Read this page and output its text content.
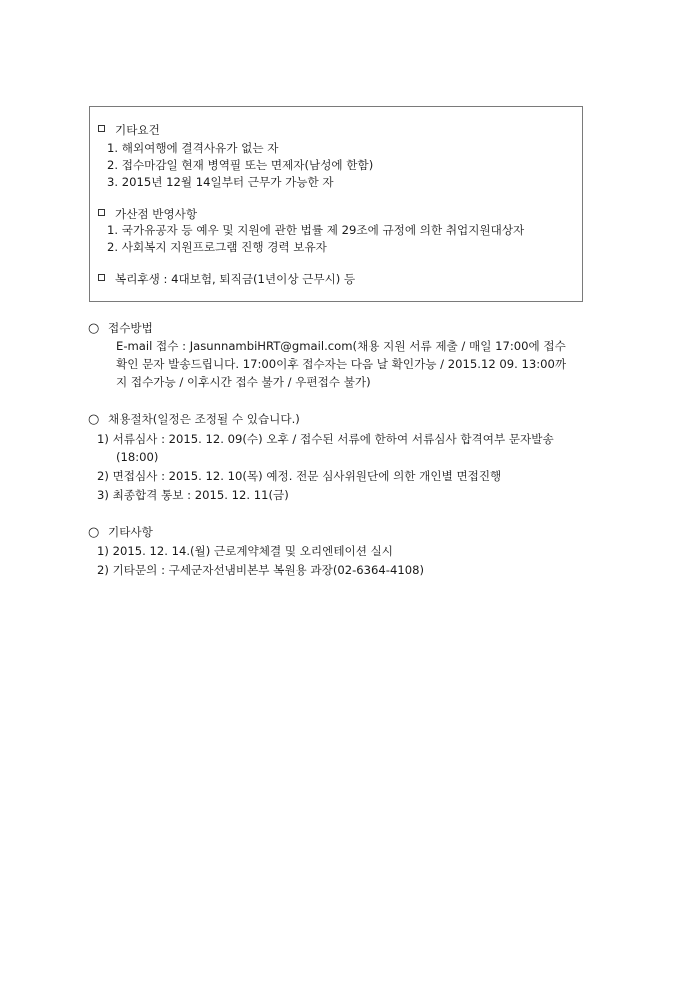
기타요건
1. 해외여행에 결격사유가 없는 자
2. 접수마감일 현재 병역필 또는 면제자(남성에 한함)
3. 2015년 12월 14일부터 근무가 가능한 자
가산점 반영사항
1. 국가유공자 등 예우 및 지원에 관한 법률 제 29조에 규정에 의한 취업지원대상자
2. 사회복지 지원프로그램 진행 경력 보유자
복리후생 : 4대보험, 퇴직금(1년이상 근무시) 등
○ 접수방법
E-mail 접수 : JasunnambiHRT@gmail.com(채용 지원 서류 제출 / 매일 17:00에 접수
확인 문자 발송드립니다. 17:00이후 접수자는 다음 날 확인가능 / 2015.12 09. 13:00까
지 접수가능 / 이후시간 접수 불가 / 우편접수 불가)
○ 채용절차(일정은 조정될 수 있습니다.)
1) 서류심사 : 2015. 12. 09(수) 오후 / 접수된 서류에 한하여 서류심사 합격여부 문자발송
(18:00)
2) 면접심사 : 2015. 12. 10(목) 예정. 전문 심사위원단에 의한 개인별 면접진행
3) 최종합격 통보 : 2015. 12. 11(금)
○ 기타사항
1) 2015. 12. 14.(월) 근로계약체결 및 오리엔테이션 실시
2) 기타문의 : 구세군자선냄비본부 복원용 과장(02-6364-4108)
